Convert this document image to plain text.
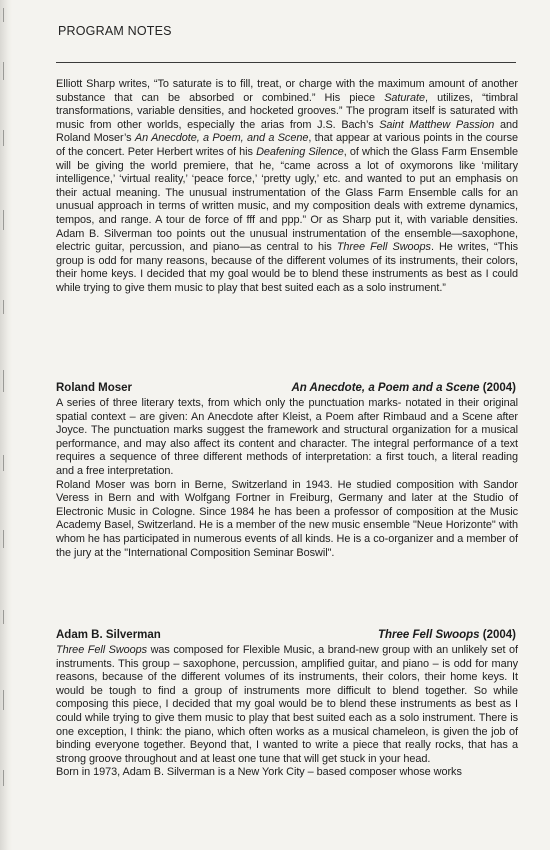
PROGRAM NOTES

Elliott Sharp writes, “To saturate is to fill, treat, or charge with the maximum amount of another substance that can be absorbed or combined.” His piece Saturate, utilizes, “timbral transformations, variable densities, and hocketed grooves.” The program itself is saturated with music from other worlds, especially the arias from J.S. Bach’s Saint Matthew Passion and Roland Moser’s An Anecdote, a Poem, and a Scene, that appear at various points in the course of the concert. Peter Herbert writes of his Deafening Silence, of which the Glass Farm Ensemble will be giving the world premiere, that he, “came across a lot of oxymorons like ‘military intelligence,’ ‘virtual reality,’ ‘peace force,’ ‘pretty ugly,’ etc. and wanted to put an emphasis on their actual meaning. The unusual instrumentation of the Glass Farm Ensemble calls for an unusual approach in terms of written music, and my composition deals with extreme dynamics, tempos, and range. A tour de force of fff and ppp.” Or as Sharp put it, with variable densities. Adam B. Silverman too points out the unusual instrumentation of the ensemble—saxophone, electric guitar, percussion, and piano—as central to his Three Fell Swoops. He writes, “This group is odd for many reasons, because of the different volumes of its instruments, their colors, their home keys. I decided that my goal would be to blend these instruments as best as I could while trying to give them music to play that best suited each as a solo instrument.”

Roland Moser	An Anecdote, a Poem and a Scene (2004)

A series of three literary texts, from which only the punctuation marks- notated in their original spatial context – are given: An Anecdote after Kleist, a Poem after Rimbaud and a Scene after Joyce. The punctuation marks suggest the framework and structural organization for a musical performance, and may also affect its content and character. The integral performance of a text requires a sequence of three different methods of interpretation: a first touch, a literal reading and a free interpretation.

Roland Moser was born in Berne, Switzerland in 1943. He studied composition with Sandor Veress in Bern and with Wolfgang Fortner in Freiburg, Germany and later at the Studio of Electronic Music in Cologne. Since 1984 he has been a professor of composition at the Music Academy Basel, Switzerland. He is a member of the new music ensemble "Neue Horizonte" with whom he has participated in numerous events of all kinds. He is a co-organizer and a member of the jury at the "International Composition Seminar Boswil".

Adam B. Silverman	Three Fell Swoops (2004)

Three Fell Swoops was composed for Flexible Music, a brand-new group with an unlikely set of instruments. This group – saxophone, percussion, amplified guitar, and piano – is odd for many reasons, because of the different volumes of its instruments, their colors, their home keys. It would be tough to find a group of instruments more difficult to blend together. So while composing this piece, I decided that my goal would be to blend these instruments as best as I could while trying to give them music to play that best suited each as a solo instrument. There is one exception, I think: the piano, which often works as a musical chameleon, is given the job of binding everyone together. Beyond that, I wanted to write a piece that really rocks, that has a strong groove throughout and at least one tune that will get stuck in your head.

Born in 1973, Adam B. Silverman is a New York City – based composer whose works
